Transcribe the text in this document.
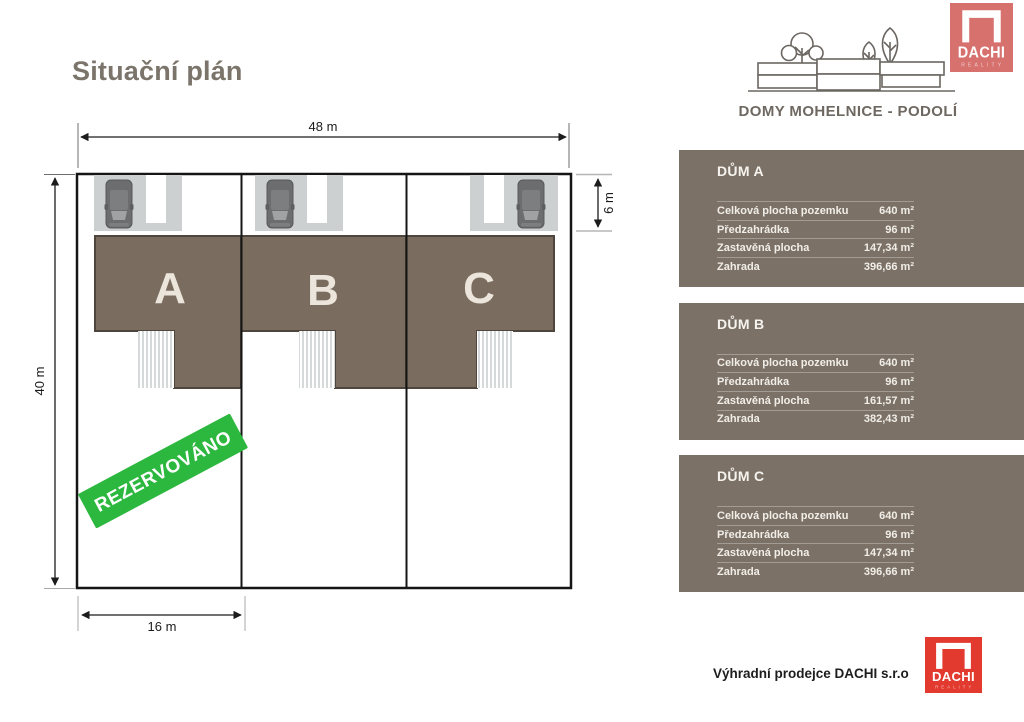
Situační plán
A	B	C
REZERVOVÁNO
48 m
40 m
6 m
16 m
DOMY MOHELNICE - PODOLÍ
DACHI
REALITY
DŮM A
Celková plocha pozemku	640 m²
Předzahrádka	96 m²
Zastavěná plocha	147,34 m²
Zahrada	396,66 m²
DŮM B
Celková plocha pozemku	640 m²
Předzahrádka	96 m²
Zastavěná plocha	161,57 m²
Zahrada	382,43 m²
DŮM C
Celková plocha pozemku	640 m²
Předzahrádka	96 m²
Zastavěná plocha	147,34 m²
Zahrada	396,66 m²
Výhradní prodejce DACHI s.r.o DACHI
REALITY
